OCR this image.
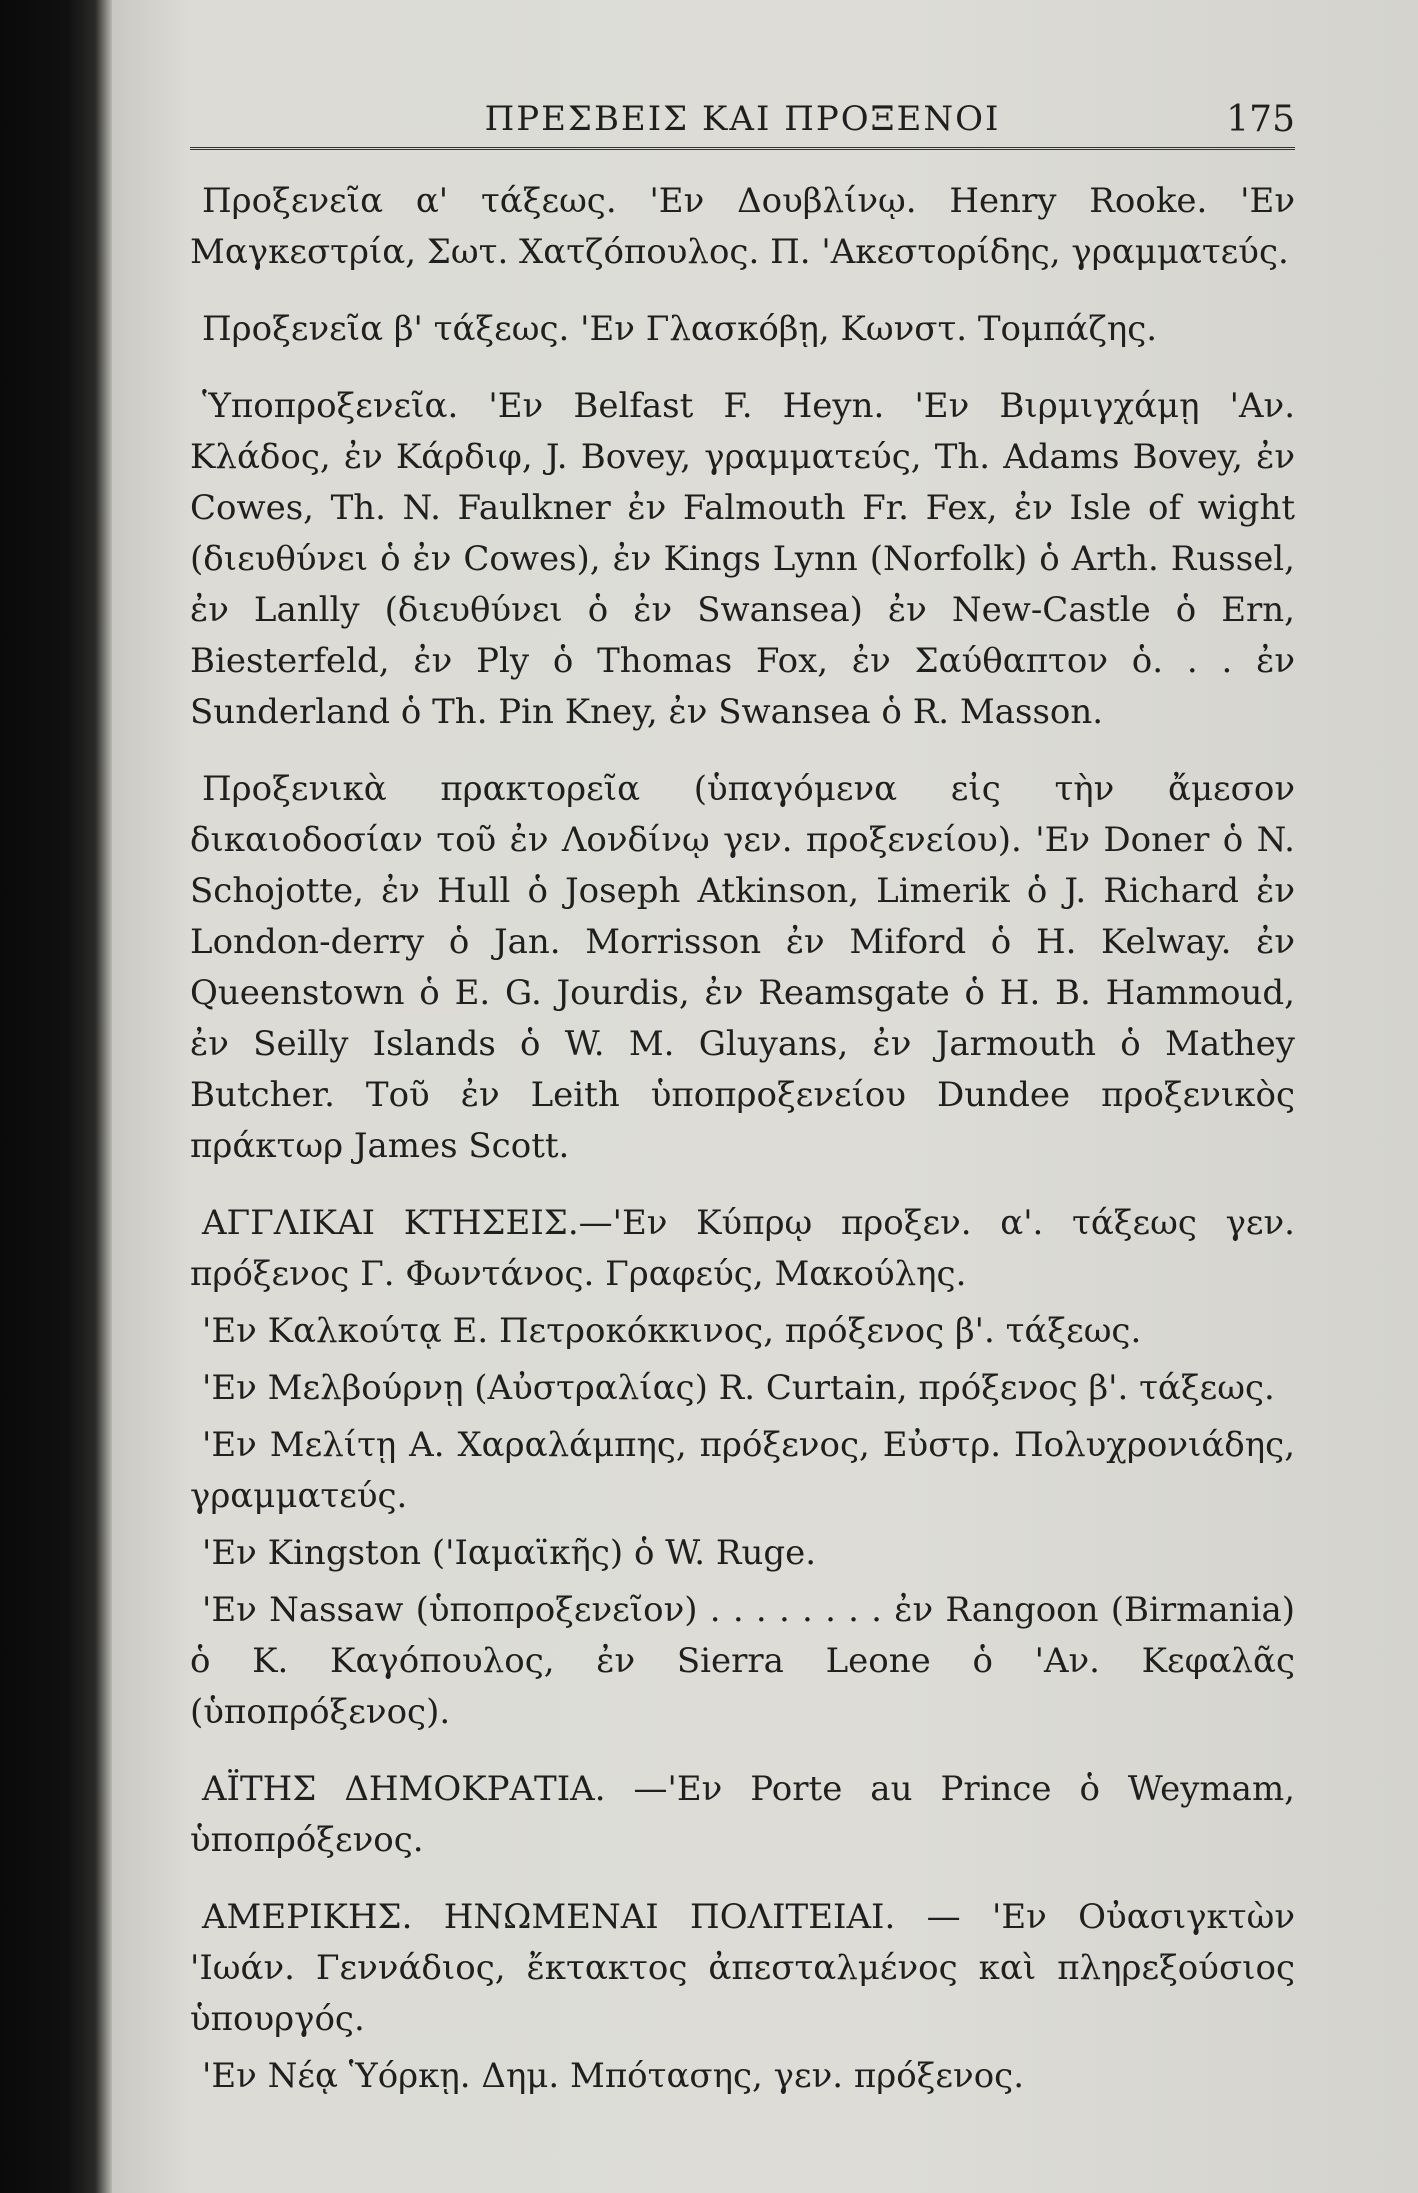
ΠΡΕΣΒΕΙΣ ΚΑΙ ΠΡΟΞΕΝΟΙ	175

Προξενεῖα α' τάξεως. 'Εν Δουβλίνῳ. Henry Rooke. 'Εν Μαγκεστρία, Σωτ. Χατζόπουλος. Π. 'Ακεστορίδης, γραμματεύς.

Προξενεῖα β' τάξεως. 'Εν Γλασκόβῃ, Κωνστ. Τομπάζης.

Ὑποπροξενεῖα. 'Εν Belfast F. Heyn. 'Εν Βιρμιγχάμῃ 'Αν. Κλάδος, ἐν Κάρδιφ, J. Bovey, γραμματεύς, Th. Adams Bovey, ἐν Cowes, Th. N. Faulkner ἐν Falmouth Fr. Fex, ἐν Isle of wight (διευθύνει ὁ ἐν Cowes), ἐν Kings Lynn (Norfolk) ὁ Arth. Russel, ἐν Lanlly (διευθύνει ὁ ἐν Swansea) ἐν New-Castle ὁ Ern, Biesterfeld, ἐν Ply ὁ Thomas Fox, ἐν Σαύθαπτον ὁ. . . ἐν Sunderland ὁ Th. Pin Kney, ἐν Swansea ὁ R. Masson.

Προξενικὰ πρακτορεῖα (ὑπαγόμενα εἰς τὴν ἄμεσον δικαιοδοσίαν τοῦ ἐν Λονδίνῳ γεν. προξενείου). 'Εν Doner ὁ N. Schojotte, ἐν Hull ὁ Joseph Atkinson, Limerik ὁ J. Richard ἐν London-derry ὁ Jan. Morrisson ἐν Miford ὁ H. Kelway. ἐν Queenstown ὁ E. G. Jourdis, ἐν Reamsgate ὁ H. B. Hammoud, ἐν Seilly Islands ὁ W. M. Gluyans, ἐν Jarmouth ὁ Mathey Butcher. Τοῦ ἐν Leith ὑποπροξενείου Dundee προξενικὸς πράκτωρ James Scott.

ΑΓΓΛΙΚΑΙ ΚΤΗΣΕΙΣ.—'Εν Κύπρῳ προξεν. α'. τάξεως γεν. πρόξενος Γ. Φωντάνος. Γραφεύς, Μακούλης.

'Εν Καλκούτᾳ Ε. Πετροκόκκινος, πρόξενος β'. τάξεως.

'Εν Μελβούρνῃ (Αὐστραλίας) R. Curtain, πρόξενος β'. τάξεως.

'Εν Μελίτῃ Α. Χαραλάμπης, πρόξενος, Εὐστρ. Πολυχρονιάδης, γραμματεύς.

'Εν Kingston ('Ιαμαϊκῆς) ὁ W. Ruge.

'Εν Nassaw (ὑποπροξενεῖον) . . . . . . . . ἐν Rangoon (Birmania) ὁ Κ. Καγόπουλος, ἐν Sierra Leone ὁ 'Αν. Κεφαλᾶς (ὑποπρόξενος).

ΑΪΤΗΣ ΔΗΜΟΚΡΑΤΙΑ. —'Εν Porte au Prince ὁ Weymam, ὑποπρόξενος.

ΑΜΕΡΙΚΗΣ. ΗΝΩΜΕΝΑΙ ΠΟΛΙΤΕΙΑΙ. — 'Εν Οὐασιγκτὼν 'Ιωάν. Γεννάδιος, ἔκτακτος ἀπεσταλμένος καὶ πληρεξούσιος ὑπουργός.

'Εν Νέᾳ Ὑόρκῃ. Δημ. Μπότασης, γεν. πρόξενος.
